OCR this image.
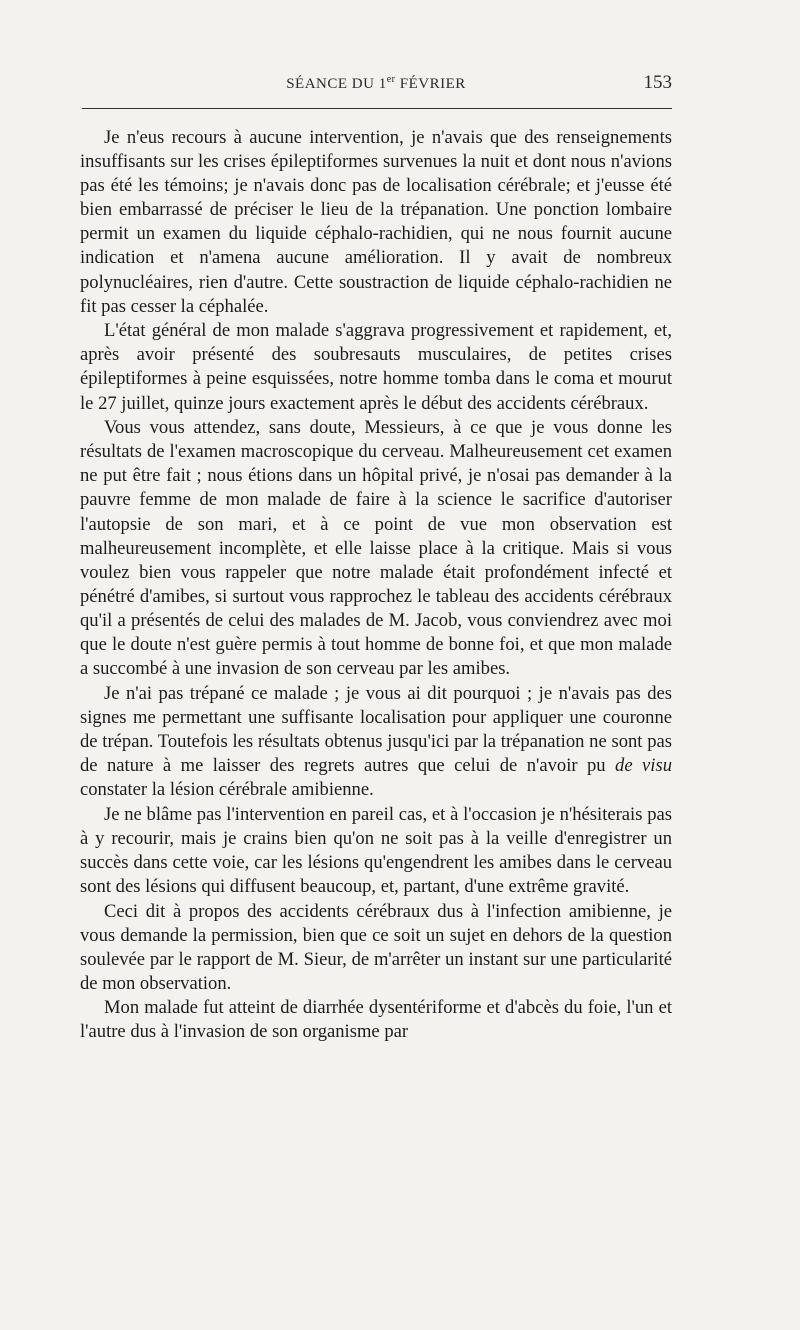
SÉANCE DU 1er FÉVRIER	153

Je n'eus recours à aucune intervention, je n'avais que des renseignements insuffisants sur les crises épileptiformes survenues la nuit et dont nous n'avions pas été les témoins; je n'avais donc pas de localisation cérébrale; et j'eusse été bien embarrassé de préciser le lieu de la trépanation. Une ponction lombaire permit un examen du liquide céphalo-rachidien, qui ne nous fournit aucune indication et n'amena aucune amélioration. Il y avait de nombreux polynucléaires, rien d'autre. Cette soustraction de liquide céphalo-rachidien ne fit pas cesser la céphalée.

L'état général de mon malade s'aggrava progressivement et rapidement, et, après avoir présenté des soubresauts musculaires, de petites crises épileptiformes à peine esquissées, notre homme tomba dans le coma et mourut le 27 juillet, quinze jours exactement après le début des accidents cérébraux.

Vous vous attendez, sans doute, Messieurs, à ce que je vous donne les résultats de l'examen macroscopique du cerveau. Malheureusement cet examen ne put être fait ; nous étions dans un hôpital privé, je n'osai pas demander à la pauvre femme de mon malade de faire à la science le sacrifice d'autoriser l'autopsie de son mari, et à ce point de vue mon observation est malheureusement incomplète, et elle laisse place à la critique. Mais si vous voulez bien vous rappeler que notre malade était profondément infecté et pénétré d'amibes, si surtout vous rapprochez le tableau des accidents cérébraux qu'il a présentés de celui des malades de M. Jacob, vous conviendrez avec moi que le doute n'est guère permis à tout homme de bonne foi, et que mon malade a succombé à une invasion de son cerveau par les amibes.

Je n'ai pas trépané ce malade ; je vous ai dit pourquoi ; je n'avais pas des signes me permettant une suffisante localisation pour appliquer une couronne de trépan. Toutefois les résultats obtenus jusqu'ici par la trépanation ne sont pas de nature à me laisser des regrets autres que celui de n'avoir pu de visu constater la lésion cérébrale amibienne.

Je ne blâme pas l'intervention en pareil cas, et à l'occasion je n'hésiterais pas à y recourir, mais je crains bien qu'on ne soit pas à la veille d'enregistrer un succès dans cette voie, car les lésions qu'engendrent les amibes dans le cerveau sont des lésions qui diffusent beaucoup, et, partant, d'une extrême gravité.

Ceci dit à propos des accidents cérébraux dus à l'infection amibienne, je vous demande la permission, bien que ce soit un sujet en dehors de la question soulevée par le rapport de M. Sieur, de m'arrêter un instant sur une particularité de mon observation.

Mon malade fut atteint de diarrhée dysentériforme et d'abcès du foie, l'un et l'autre dus à l'invasion de son organisme par
